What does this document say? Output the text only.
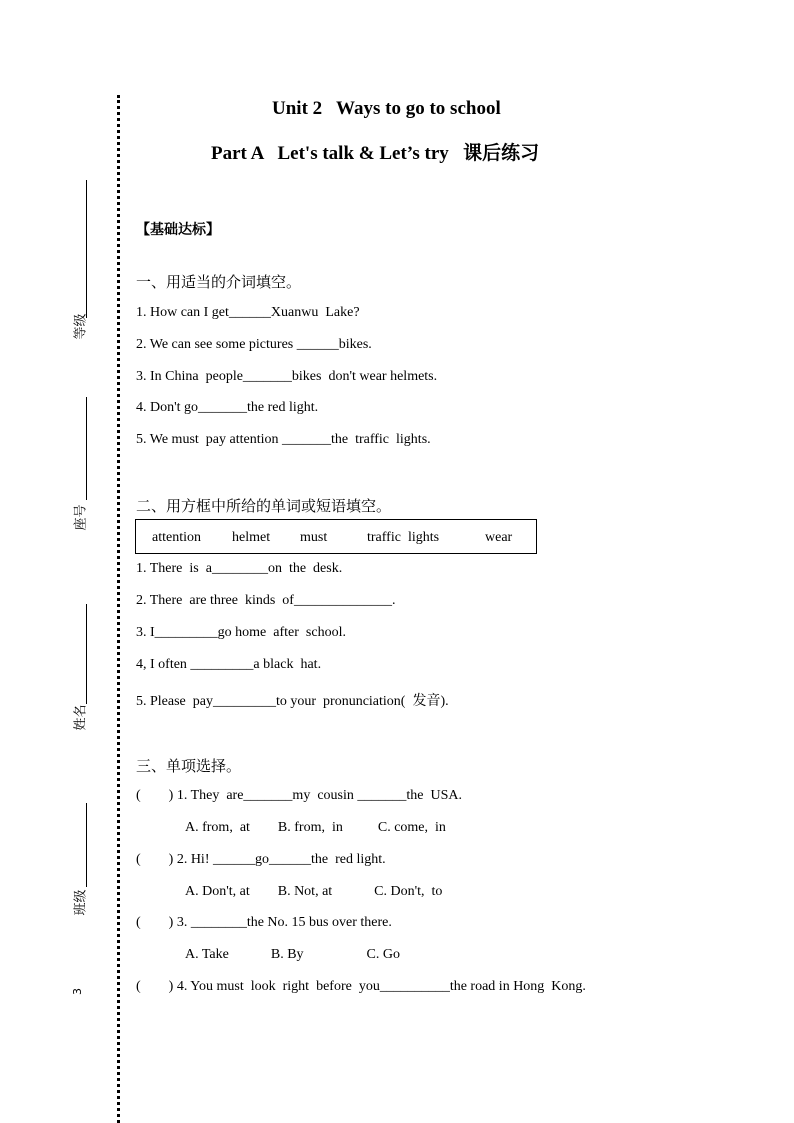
等级
座号
姓名
班级
3
Unit 2   Ways to go to school
Part A   Let's talk & Let’s try   课后练习
【基础达标】
一、用适当的介词填空。
1. How can I get______Xuanwu  Lake?
2. We can see some pictures ______bikes.
3. In China  people_______bikes  don't wear helmets.
4. Don't go_______the red light.
5. We must  pay attention _______the  traffic  lights.
二、用方框中所给的单词或短语填空。
attention helmet must	traffic  lights	wear
1. There  is  a________on  the  desk.
2. There  are three  kinds  of______________.
3. I_________go home  after  school.
4, I often _________a black  hat.
5. Please  pay_________to your  pronunciation(  发音).
三、单项选择。
(        ) 1. They  are_______my  cousin _______the  USA.
A. from,  at        B. from,  in          C. come,  in
(        ) 2. Hi! ______go______the  red light.
A. Don't, at        B. Not, at            C. Don't,  to
(        ) 3. ________the No. 15 bus over there.
A. Take            B. By                  C. Go
(        ) 4. You must  look  right  before  you__________the road in Hong  Kong.
